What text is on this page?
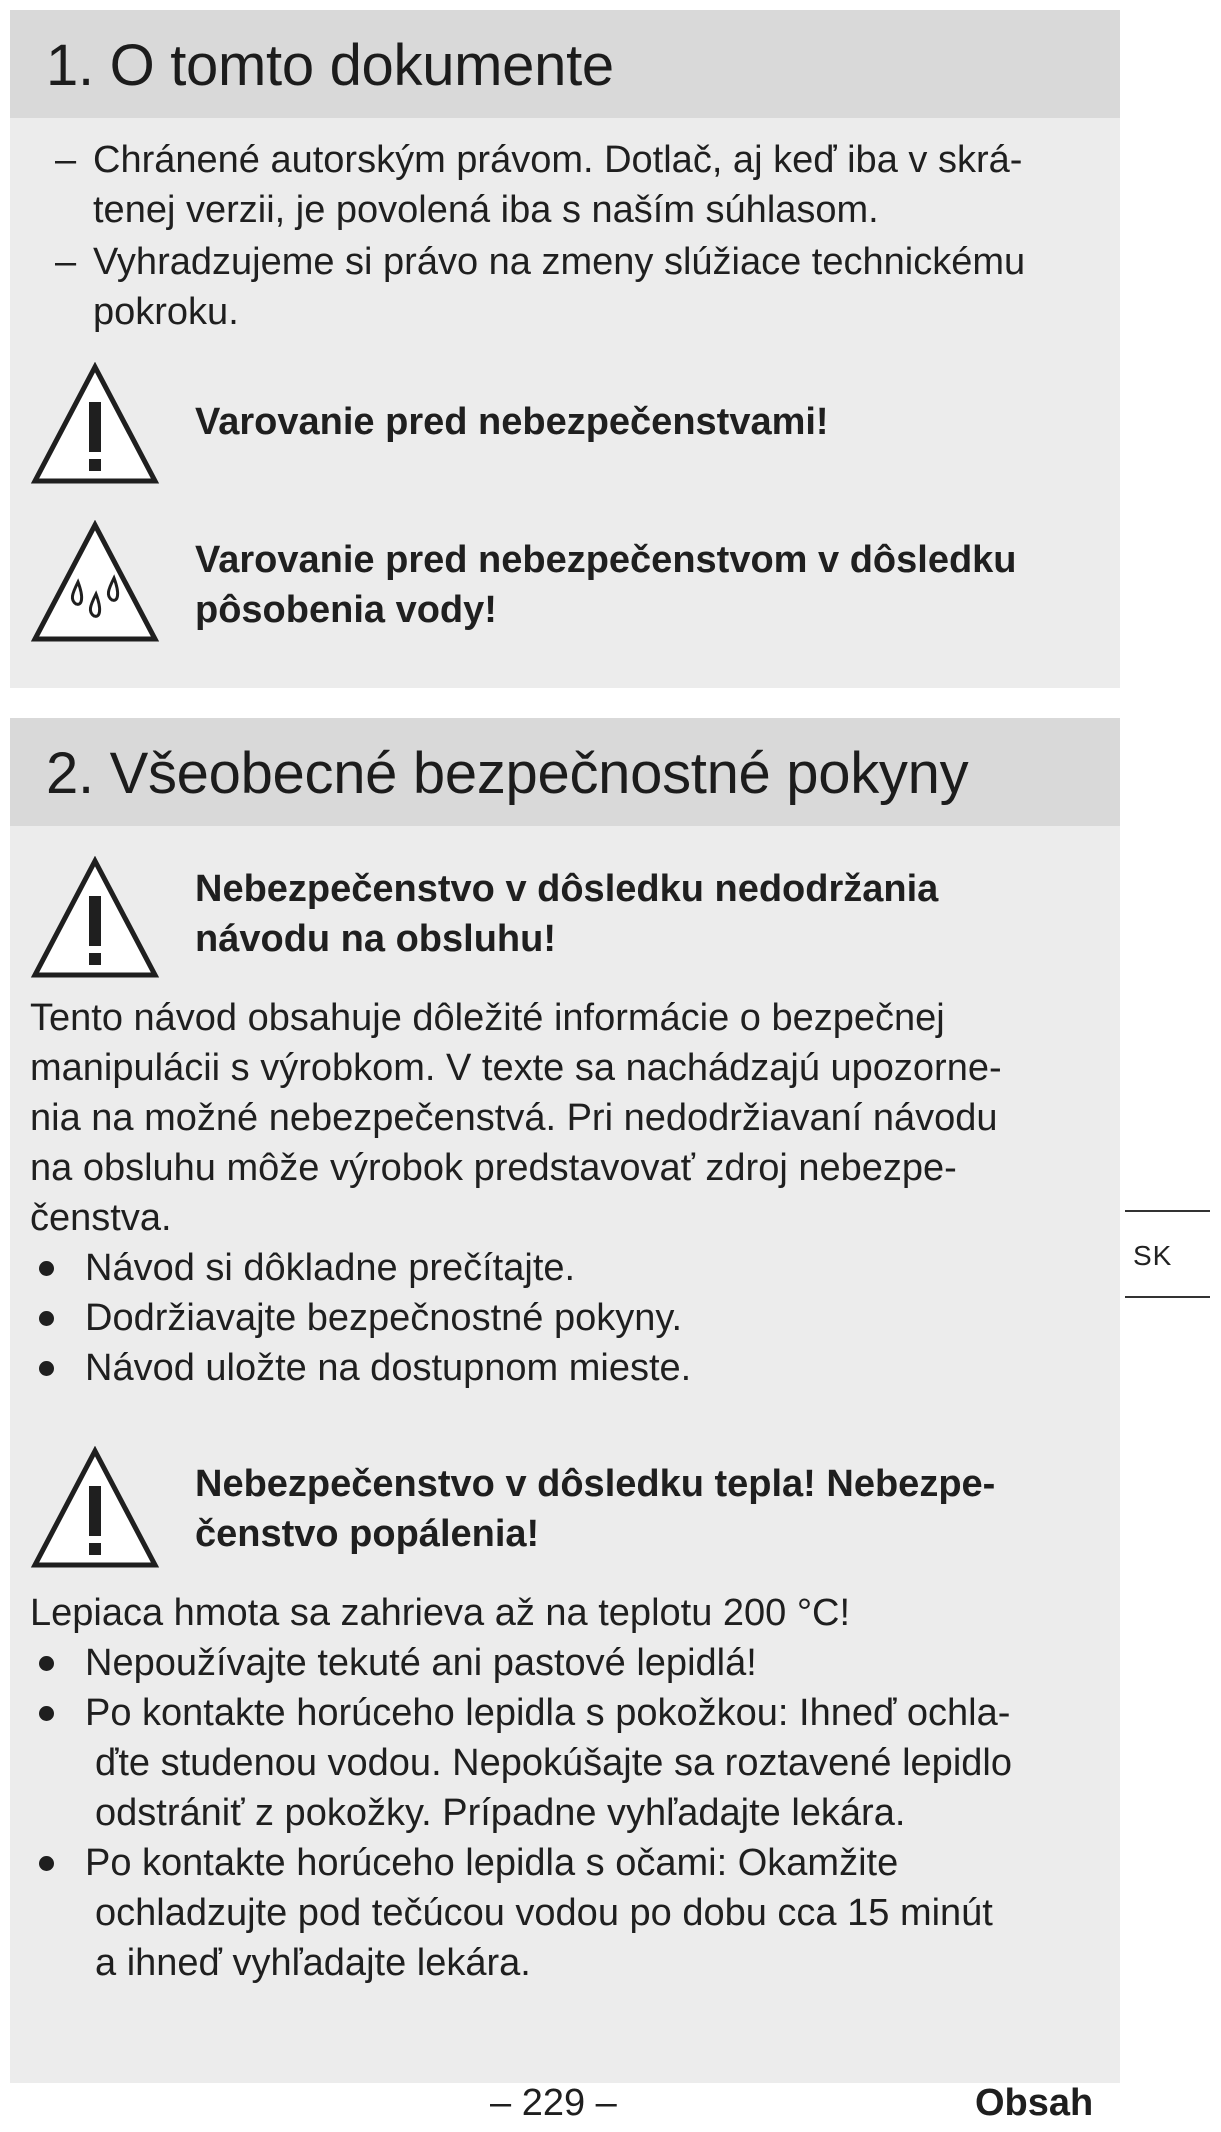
1. O tomto dokumente
– Chránené autorským právom. Dotlač, aj keď iba v skrá-
tenej verzii, je povolená iba s naším súhlasom.
– Vyhradzujeme si právo na zmeny slúžiace technickému
pokroku.
Varovanie pred nebezpečenstvami!
Varovanie pred nebezpečenstvom v dôsledku
pôsobenia vody!
2. Všeobecné bezpečnostné pokyny
Nebezpečenstvo v dôsledku nedodržania
návodu na obsluhu!
Tento návod obsahuje dôležité informácie o bezpečnej
manipulácii s výrobkom. V texte sa nachádzajú upozorne-
nia na možné nebezpečenstvá. Pri nedodržiavaní návodu
na obsluhu môže výrobok predstavovať zdroj nebezpe-
čenstva.
Návod si dôkladne prečítajte.
Dodržiavajte bezpečnostné pokyny.
Návod uložte na dostupnom mieste.
Nebezpečenstvo v dôsledku tepla! Nebezpe-
čenstvo popálenia!
Lepiaca hmota sa zahrieva až na teplotu 200 °C!
Nepoužívajte tekuté ani pastové lepidlá!
Po kontakte horúceho lepidla s pokožkou: Ihneď ochla-
ďte studenou vodou. Nepokúšajte sa roztavené lepidlo
odstrániť z pokožky. Prípadne vyhľadajte lekára.
Po kontakte horúceho lepidla s očami: Okamžite
ochladzujte pod tečúcou vodou po dobu cca 15 minút
a ihneď vyhľadajte lekára.
SK
– 229 –	Obsah
